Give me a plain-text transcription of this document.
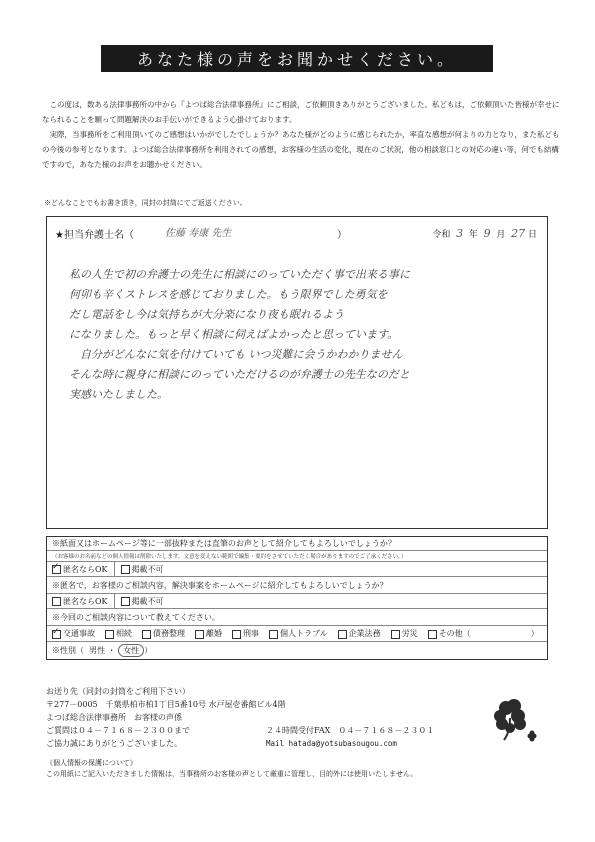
あなた様の声をお聞かせください。

この度は，数ある法律事務所の中から『よつば総合法律事務所』にご相談，ご依頼頂きありがとうございました。私どもは，ご依頼頂いた皆様が幸せになられることを願って問題解決のお手伝いができるよう心掛けております。

実際，当事務所をご利用頂いてのご感想はいかがでしたでしょうか？あなた様がどのように感じられたか，率直な感想が何よりの力となり，また私どもの今後の参考となります。よつば総合法律事務所を利用されての感想，お客様の生活の変化，現在のご状況，他の相談窓口との対応の違い等，何でも結構ですので，あなた様のお声をお聴かせください。

※どんなことでもお書き頂き，同封の封筒にてご返送ください。
★担当弁護士名（	佐藤 寿康 先生	）	令和 3 年 9 月 27 日

私の人生で初の弁護士の先生に相談にのっていただく事で出来る事に

何卯も辛くストレスを感じておりました。もう限界でした勇気を

だし電話をし今は気持ちが大分楽になり夜も眠れるよう

になりました。もっと早く相談に伺えばよかったと思っています。

　自分がどんなに気を付けていても いつ災難に会うかわかりません

そんな時に親身に相談にのっていただけるのが弁護士の先生なのだと

実感いたしました。

※紙面又はホームページ等に一部抜粋または直筆のお声として紹介してもよろしいでしょうか？
（お客様のお名前などの個人情報は削除いたします。文意を変えない範囲で編集・要約をさせていただく場合がありますのでご了承ください。）
✓匿名ならOK	掲載不可
※匿名で，お客様のご相談内容，解決事案をホームページに紹介してもよろしいでしょうか？
匿名ならOK	掲載不可
※今回のご相談内容について教えてください。
✓交通事故	相続	債務整理	離婚	刑事	個人トラブル	企業法務	労災	その他（	）
※性別（
男性
・
女性 ）
お送り先（同封の封筒をご利用下さい）
〒277－0005　千葉県柏市柏1丁目5番10号 水戸屋壱番館ビル4階
よつば総合法律事務所　お客様の声係
ご質問は０４－７１６８－２３００まで	２４時間受付FAX　０４－７１６８－２３０１
ご協力誠にありがとうございました。	Mail hatada@yotsubasougou.com
《個人情報の保護について》
この用紙にご記入いただきました情報は，当事務所のお客様の声として厳重に管理し，目的外には使用いたしません。
